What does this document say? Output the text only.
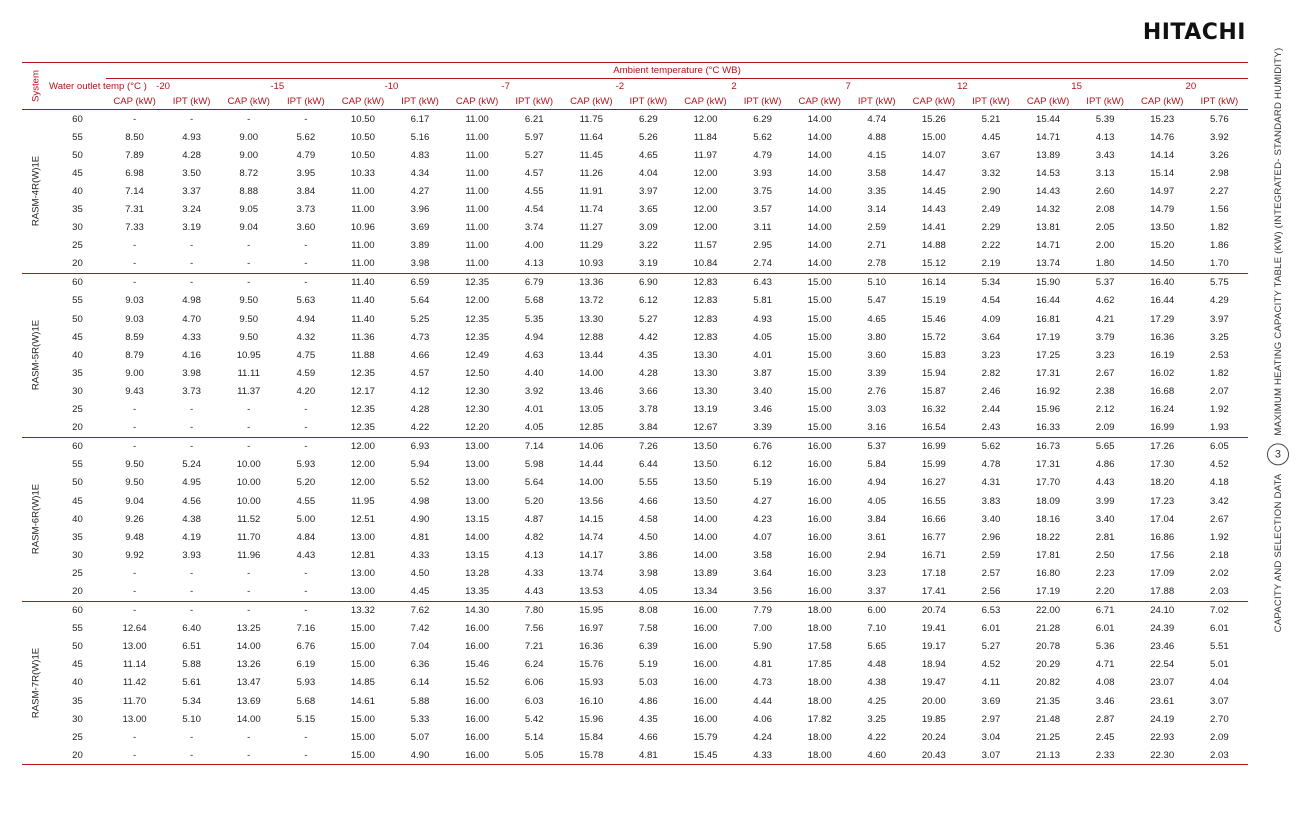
HITACHI
CAPACITY AND SELECTION DATA
3
MAXIMUM HEATING CAPACITY TABLE (KW) (INTEGRATED- STANDARD HUMIDITY)
System	Water outlet temp (°C )	Ambient temperature (°C WB)																			
		-20		-15		-10		-7		-2		2		7		12		15		20	
		CAP (kW)	IPT (kW)	CAP (kW)	IPT (kW)	CAP (kW)	IPT (kW)	CAP (kW)	IPT (kW)	CAP (kW)	IPT (kW)	CAP (kW)	IPT (kW)	CAP (kW)	IPT (kW)	CAP (kW)	IPT (kW)	CAP (kW)	IPT (kW)	CAP (kW)	IPT (kW)

RASM-4R(W)1E	60	-	-	-	-	10.50	6.17	11.00	6.21	11.75	6.29	12.00	6.29	14.00	4.74	15.26	5.21	15.44	5.39	15.23	5.76
	55	8.50	4.93	9.00	5.62	10.50	5.16	11.00	5.97	11.64	5.26	11.84	5.62	14.00	4.88	15.00	4.45	14.71	4.13	14.76	3.92
	50	7.89	4.28	9.00	4.79	10.50	4.83	11.00	5.27	11.45	4.65	11.97	4.79	14.00	4.15	14.07	3.67	13.89	3.43	14.14	3.26
	45	6.98	3.50	8.72	3.95	10.33	4.34	11.00	4.57	11.26	4.04	12.00	3.93	14.00	3.58	14.47	3.32	14.53	3.13	15.14	2.98
	40	7.14	3.37	8.88	3.84	11.00	4.27	11.00	4.55	11.91	3.97	12.00	3.75	14.00	3.35	14.45	2.90	14.43	2.60	14.97	2.27
	35	7.31	3.24	9.05	3.73	11.00	3.96	11.00	4.54	11.74	3.65	12.00	3.57	14.00	3.14	14.43	2.49	14.32	2.08	14.79	1.56
	30	7.33	3.19	9.04	3.60	10.96	3.69	11.00	3.74	11.27	3.09	12.00	3.11	14.00	2.59	14.41	2.29	13.81	2.05	13.50	1.82
	25	-	-	-	-	11.00	3.89	11.00	4.00	11.29	3.22	11.57	2.95	14.00	2.71	14.88	2.22	14.71	2.00	15.20	1.86
	20	-	-	-	-	11.00	3.98	11.00	4.13	10.93	3.19	10.84	2.74	14.00	2.78	15.12	2.19	13.74	1.80	14.50	1.70

RASM-5R(W)1E	60	-	-	-	-	11.40	6.59	12.35	6.79	13.36	6.90	12.83	6.43	15.00	5.10	16.14	5.34	15.90	5.37	16.40	5.75
	55	9.03	4.98	9.50	5.63	11.40	5.64	12.00	5.68	13.72	6.12	12.83	5.81	15.00	5.47	15.19	4.54	16.44	4.62	16.44	4.29
	50	9.03	4.70	9.50	4.94	11.40	5.25	12.35	5.35	13.30	5.27	12.83	4.93	15.00	4.65	15.46	4.09	16.81	4.21	17.29	3.97
	45	8.59	4.33	9.50	4.32	11.36	4.73	12.35	4.94	12.88	4.42	12.83	4.05	15.00	3.80	15.72	3.64	17.19	3.79	16.36	3.25
	40	8.79	4.16	10.95	4.75	11.88	4.66	12.49	4.63	13.44	4.35	13.30	4.01	15.00	3.60	15.83	3.23	17.25	3.23	16.19	2.53
	35	9.00	3.98	11.11	4.59	12.35	4.57	12.50	4.40	14.00	4.28	13.30	3.87	15.00	3.39	15.94	2.82	17.31	2.67	16.02	1.82
	30	9.43	3.73	11.37	4.20	12.17	4.12	12.30	3.92	13.46	3.66	13.30	3.40	15.00	2.76	15.87	2.46	16.92	2.38	16.68	2.07
	25	-	-	-	-	12.35	4.28	12.30	4.01	13.05	3.78	13.19	3.46	15.00	3.03	16.32	2.44	15.96	2.12	16.24	1.92
	20	-	-	-	-	12.35	4.22	12.20	4.05	12.85	3.84	12.67	3.39	15.00	3.16	16.54	2.43	16.33	2.09	16.99	1.93

RASM-6R(W)1E	60	-	-	-	-	12.00	6.93	13.00	7.14	14.06	7.26	13.50	6.76	16.00	5.37	16.99	5.62	16.73	5.65	17.26	6.05
	55	9.50	5.24	10.00	5.93	12.00	5.94	13.00	5.98	14.44	6.44	13.50	6.12	16.00	5.84	15.99	4.78	17.31	4.86	17.30	4.52
	50	9.50	4.95	10.00	5.20	12.00	5.52	13.00	5.64	14.00	5.55	13.50	5.19	16.00	4.94	16.27	4.31	17.70	4.43	18.20	4.18
	45	9.04	4.56	10.00	4.55	11.95	4.98	13.00	5.20	13.56	4.66	13.50	4.27	16.00	4.05	16.55	3.83	18.09	3.99	17.23	3.42
	40	9.26	4.38	11.52	5.00	12.51	4.90	13.15	4.87	14.15	4.58	14.00	4.23	16.00	3.84	16.66	3.40	18.16	3.40	17.04	2.67
	35	9.48	4.19	11.70	4.84	13.00	4.81	14.00	4.82	14.74	4.50	14.00	4.07	16.00	3.61	16.77	2.96	18.22	2.81	16.86	1.92
	30	9.92	3.93	11.96	4.43	12.81	4.33	13.15	4.13	14.17	3.86	14.00	3.58	16.00	2.94	16.71	2.59	17.81	2.50	17.56	2.18
	25	-	-	-	-	13.00	4.50	13.28	4.33	13.74	3.98	13.89	3.64	16.00	3.23	17.18	2.57	16.80	2.23	17.09	2.02
	20	-	-	-	-	13.00	4.45	13.35	4.43	13.53	4.05	13.34	3.56	16.00	3.37	17.41	2.56	17.19	2.20	17.88	2.03

RASM-7R(W)1E	60	-	-	-	-	13.32	7.62	14.30	7.80	15.95	8.08	16.00	7.79	18.00	6.00	20.74	6.53	22.00	6.71	24.10	7.02
	55	12.64	6.40	13.25	7.16	15.00	7.42	16.00	7.56	16.97	7.58	16.00	7.00	18.00	7.10	19.41	6.01	21.28	6.01	24.39	6.01
	50	13.00	6.51	14.00	6.76	15.00	7.04	16.00	7.21	16.36	6.39	16.00	5.90	17.58	5.65	19.17	5.27	20.78	5.36	23.46	5.51
	45	11.14	5.88	13.26	6.19	15.00	6.36	15.46	6.24	15.76	5.19	16.00	4.81	17.85	4.48	18.94	4.52	20.29	4.71	22.54	5.01
	40	11.42	5.61	13.47	5.93	14.85	6.14	15.52	6.06	15.93	5.03	16.00	4.73	18.00	4.38	19.47	4.11	20.82	4.08	23.07	4.04
	35	11.70	5.34	13.69	5.68	14.61	5.88	16.00	6.03	16.10	4.86	16.00	4.44	18.00	4.25	20.00	3.69	21.35	3.46	23.61	3.07
	30	13.00	5.10	14.00	5.15	15.00	5.33	16.00	5.42	15.96	4.35	16.00	4.06	17.82	3.25	19.85	2.97	21.48	2.87	24.19	2.70
	25	-	-	-	-	15.00	5.07	16.00	5.14	15.84	4.66	15.79	4.24	18.00	4.22	20.24	3.04	21.25	2.45	22.93	2.09
	20	-	-	-	-	15.00	4.90	16.00	5.05	15.78	4.81	15.45	4.33	18.00	4.60	20.43	3.07	21.13	2.33	22.30	2.03
